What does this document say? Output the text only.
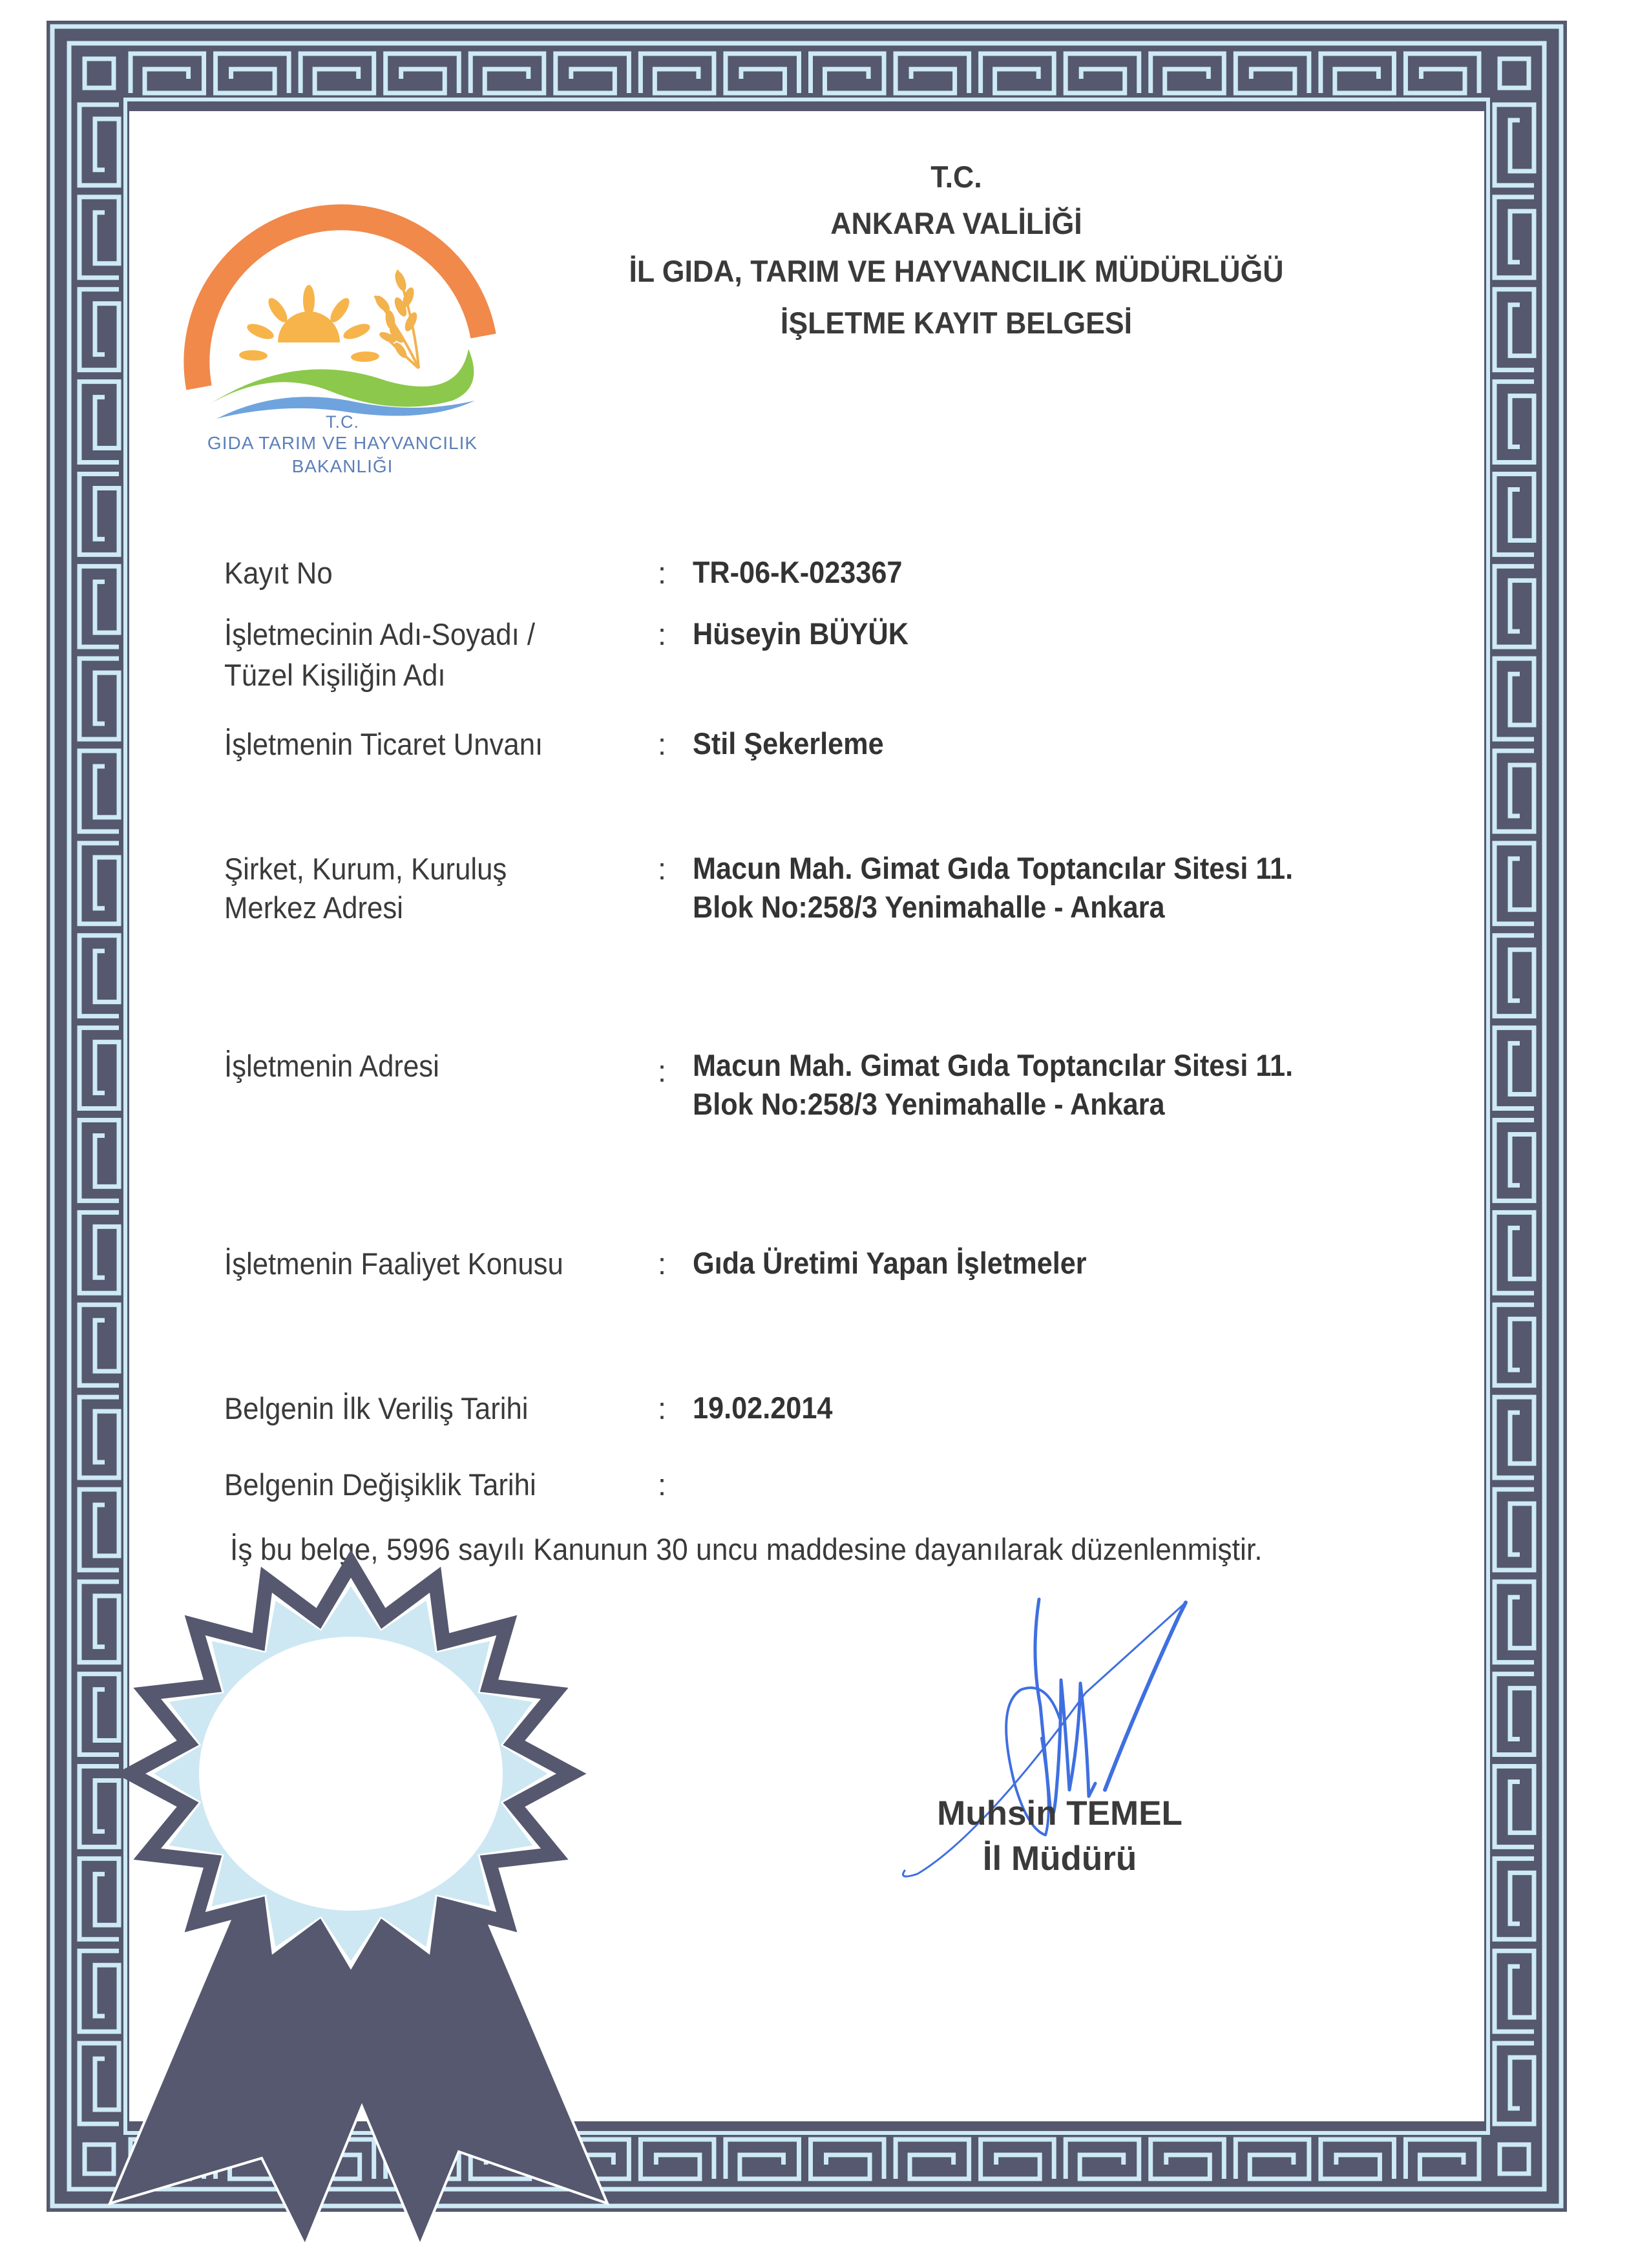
T.C.
GIDA TARIM VE HAYVANCILIK
BAKANLIĞI
T.C.
ANKARA VALİLİĞİ
İL GIDA, TARIM VE HAYVANCILIK MÜDÜRLÜĞÜ
İŞLETME KAYIT BELGESİ
Kayıt No	: TR-06-K-023367
İşletmecinin Adı-Soyadı /
Tüzel Kişiliğin Adı
: Hüseyin BÜYÜK
İşletmenin Ticaret Unvanı	: Stil Şekerleme
Şirket, Kurum, Kuruluş
Merkez Adresi
: Macun Mah. Gimat Gıda Toptancılar Sitesi 11.
Blok No:258/3 Yenimahalle - Ankara
İşletmenin Adresi	: Macun Mah. Gimat Gıda Toptancılar Sitesi 11.
Blok No:258/3 Yenimahalle - Ankara
İşletmenin Faaliyet Konusu	: Gıda Üretimi Yapan İşletmeler
Belgenin İlk Veriliş Tarihi	: 19.02.2014
Belgenin Değişiklik Tarihi	:
İş bu belge, 5996 sayılı Kanunun 30 uncu maddesine dayanılarak düzenlenmiştir.
Muhsin TEMEL
İl Müdürü
